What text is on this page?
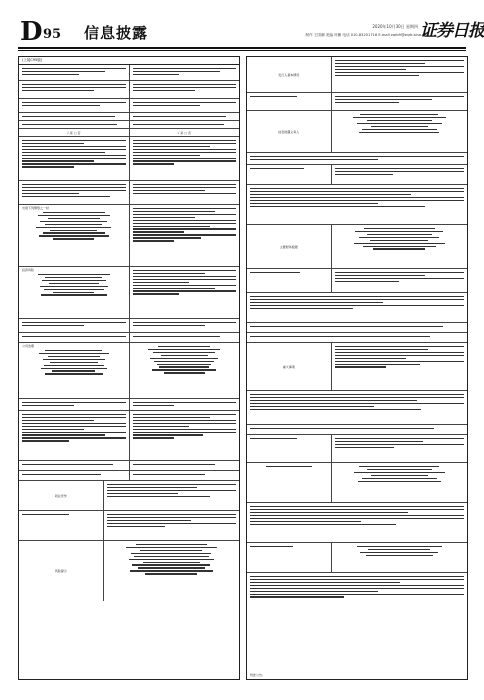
D 95 信息披露	2020年10月30日 星期四
制作 王国潮 美编 叶鹏 电话 010-83251716 E-mail zqrb9@zqrb.sina.net
证券日报
(上接C95版)
√ 是 □ 否	√ 是 □ 否
出现下列情形之一时
投资风险
公司治理
同业竞争
风险提示
发行人基本情况
信息披露义务人
主要财务数据
重大事项
特此公告。
